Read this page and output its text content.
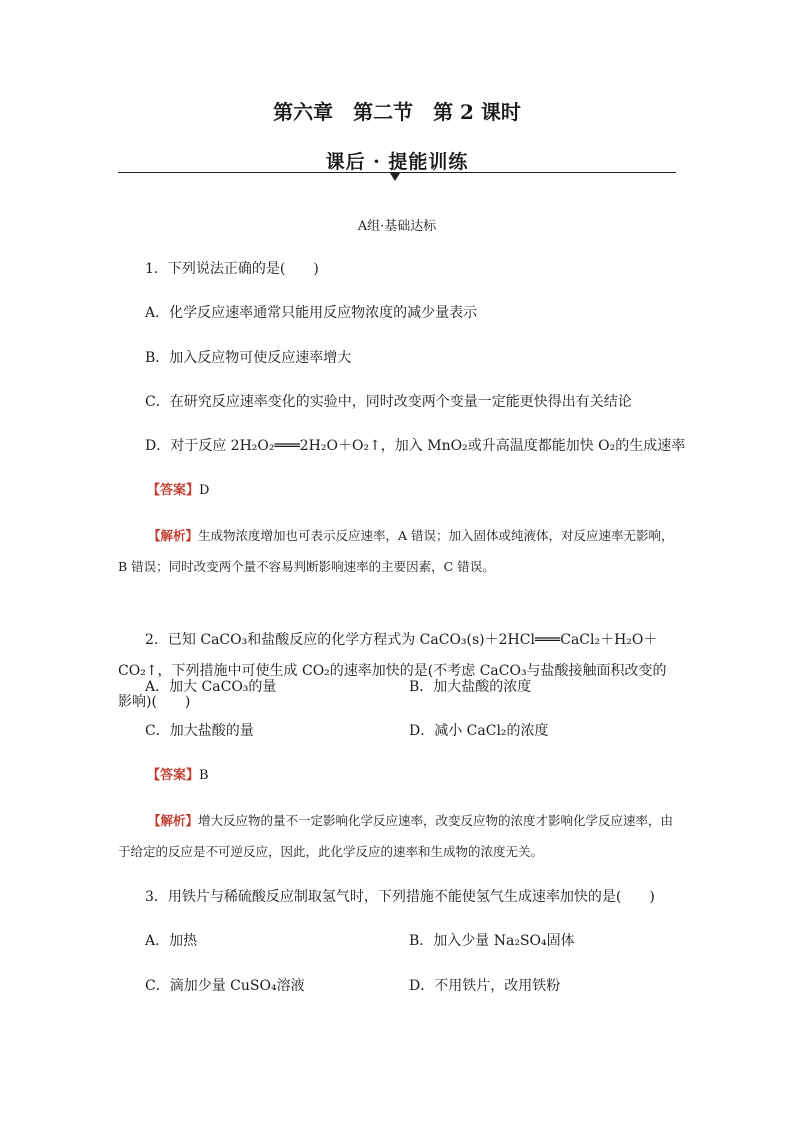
第六章 第二节 第 2 课时
课后 · 提能训练
A组·基础达标
1．下列说法正确的是(　　)
A．化学反应速率通常只能用反应物浓度的减少量表示
B．加入反应物可使反应速率增大
C．在研究反应速率变化的实验中，同时改变两个变量一定能更快得出有关结论
D．对于反应 2H₂O₂═══2H₂O＋O₂↑，加入 MnO₂或升高温度都能加快 O₂的生成速率
【答案】D
【解析】生成物浓度增加也可表示反应速率，A 错误；加入固体或纯液体，对反应速率无影响，B 错误；同时改变两个量不容易判断影响速率的主要因素，C 错误。
2．已知 CaCO₃和盐酸反应的化学方程式为 CaCO₃(s)＋2HCl═══CaCl₂＋H₂O＋CO₂↑，下列措施中可使生成 CO₂的速率加快的是(不考虑 CaCO₃与盐酸接触面积改变的影响)(　　)
A．加大 CaCO₃的量	B．加大盐酸的浓度
C．加大盐酸的量	D．减小 CaCl₂的浓度
【答案】B
【解析】增大反应物的量不一定影响化学反应速率，改变反应物的浓度才影响化学反应速率，由于给定的反应是不可逆反应，因此，此化学反应的速率和生成物的浓度无关。
3．用铁片与稀硫酸反应制取氢气时，下列措施不能使氢气生成速率加快的是(　　)
A．加热	B．加入少量 Na₂SO₄固体
C．滴加少量 CuSO₄溶液	D．不用铁片，改用铁粉
